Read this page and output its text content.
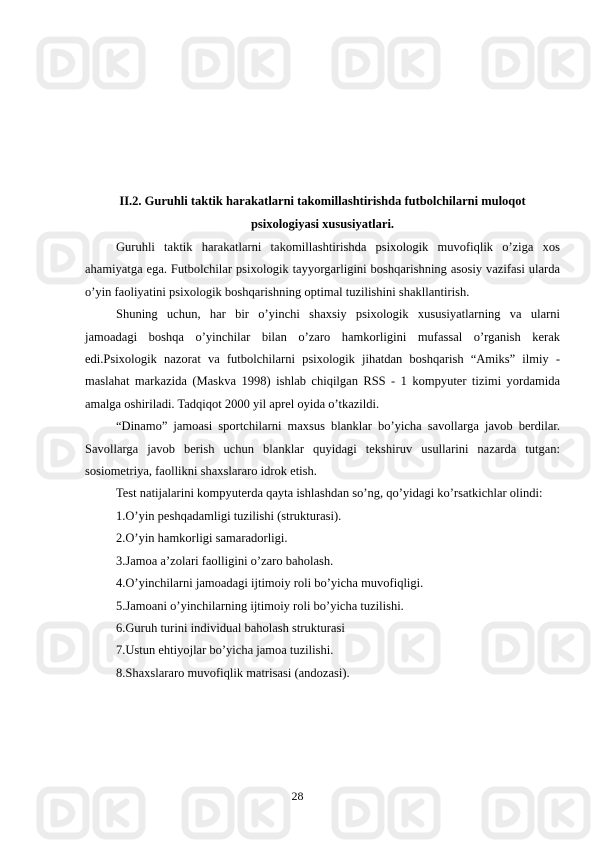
II.2. Guruhli taktik harakatlarni takomillashtirishda futbolchilarni muloqot

psixologiyasi xususiyatlari.

Guruhli taktik harakatlarni takomillashtirishda psixologik muvofiqlik o’ziga xos ahamiyatga ega. Futbolchilar psixologik tayyorgarligini boshqarishning asosiy vazifasi ularda o’yin faoliyatini psixologik boshqarishning optimal tuzilishini shakllantirish.

Shuning uchun, har bir o’yinchi shaxsiy psixologik xususiyatlarning va ularni jamoadagi boshqa o’yinchilar bilan o’zaro hamkorligini mufassal o’rganish kerak edi.Psixologik nazorat va futbolchilarni psixologik jihatdan boshqarish “Amiks” ilmiy - maslahat markazida (Maskva 1998) ishlab chiqilgan RSS - 1 kompyuter tizimi yordamida amalga oshiriladi. Tadqiqot 2000 yil aprel oyida o’tkazildi.

“Dinamo” jamoasi sportchilarni maxsus blanklar bo’yicha savollarga javob berdilar. Savollarga javob berish uchun blanklar quyidagi tekshiruv usullarini nazarda tutgan: sosiometriya, faollikni shaxslararo idrok etish.

Test natijalarini kompyuterda qayta ishlashdan so’ng, qo’yidagi ko’rsatkichlar olindi:

1.O’yin peshqadamligi tuzilishi (strukturasi).

2.O’yin hamkorligi samaradorligi.

3.Jamoa a’zolari faolligini o’zaro baholash.

4.O’yinchilarni jamoadagi ijtimoiy roli bo’yicha muvofiqligi.

5.Jamoani o’yinchilarning ijtimoiy roli bo’yicha tuzilishi.

6.Guruh turini individual baholash strukturasi

7.Ustun ehtiyojlar bo’yicha jamoa tuzilishi.

8.Shaxslararo muvofiqlik matrisasi (andozasi).

28
